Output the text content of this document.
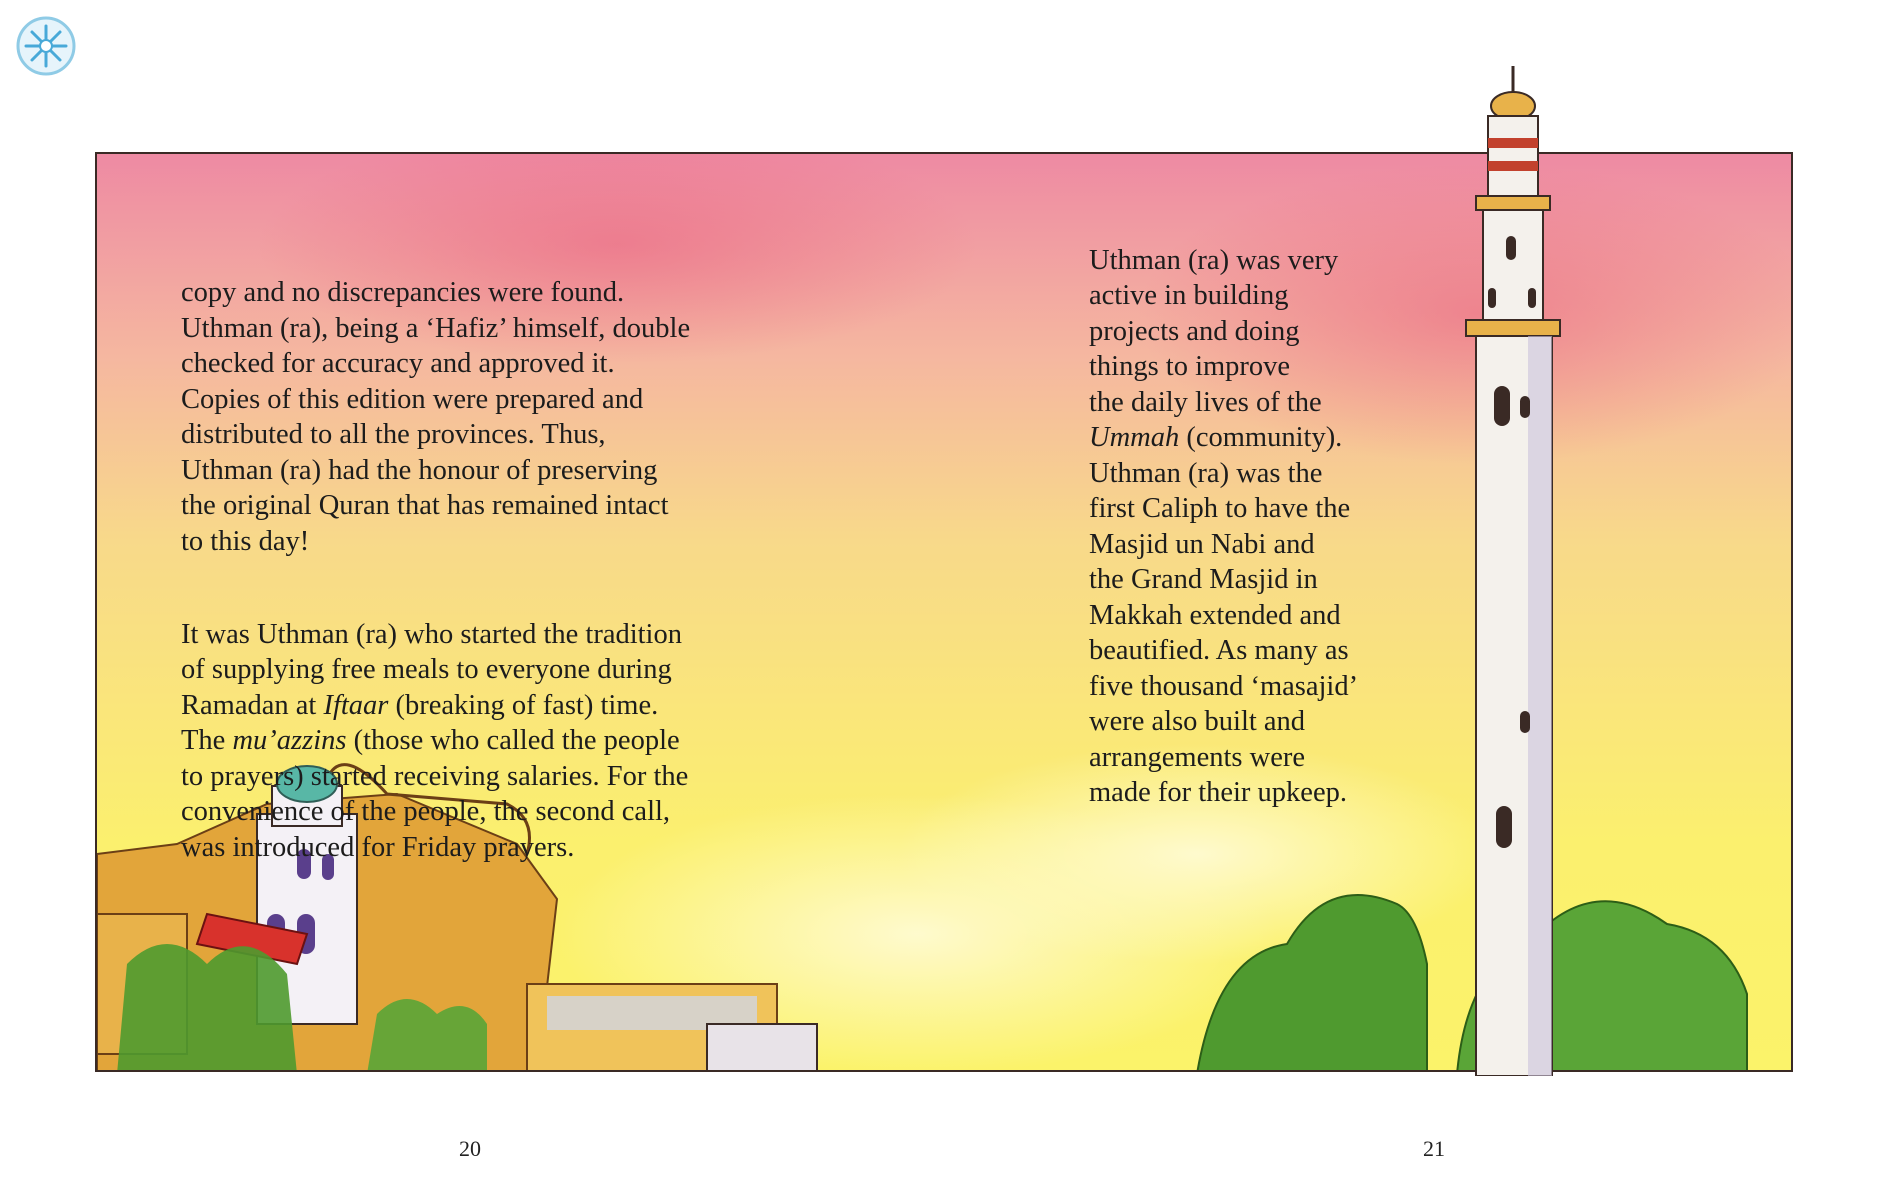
copy and no discrepancies were found.
Uthman (ra), being a ‘Hafiz’ himself, double
checked for accuracy and approved it.
Copies of this edition were prepared and
distributed to all the provinces. Thus,
Uthman (ra) had the honour of preserving
the original Quran that has remained intact
to this day!

It was Uthman (ra) who started the tradition
of supplying free meals to everyone during
Ramadan at Iftaar (breaking of fast) time.
The mu’azzins (those who called the people
to prayers) started receiving salaries. For the
convenience of the people, the second call,
was introduced for Friday prayers.

Uthman (ra) was very
active in building
projects and doing
things to improve
the daily lives of the
Ummah (community).
Uthman (ra) was the
first Caliph to have the
Masjid un Nabi and
the Grand Masjid in
Makkah extended and
beautified. As many as
five thousand ‘masajid’
were also built and
arrangements were
made for their upkeep.

20	21
